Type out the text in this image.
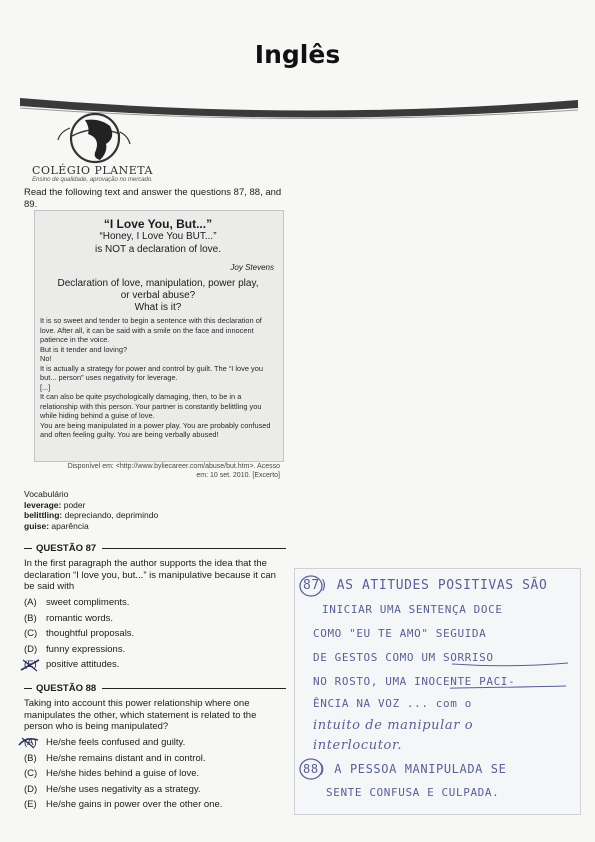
Inglês
COLÉGIO PLANETA
Ensino de qualidade, aprovação no mercado.
Read the following text and answer the questions 87, 88, and 89.
“I Love You, But...”
“Honey, I Love You BUT...”
is NOT a declaration of love.
Joy Stevens
Declaration of love, manipulation, power play,
or verbal abuse?
What is it?

It is so sweet and tender to begin a sentence with this declaration of love. After all, it can be said with a smile on the face and innocent patience in the voice.

But is it tender and loving?

No!

It is actually a strategy for power and control by guilt. The “I love you but... person” uses negativity for leverage.

[...]

It can also be quite psychologically damaging, then, to be in a relationship with this person. Your partner is constantly belittling you while hiding behind a guise of love.

You are being manipulated in a power play. You are probably confused and often feeling guilty. You are being verbally abused!

Disponível em: <http://www.byliecareer.com/abuse/but.htm>. Acesso
em: 10 set. 2010. [Excerto]
Vocabulário
leverage: poder
belittling: depreciando, deprimindo
guise: aparência
QUESTÃO 87
In the first paragraph the author supports the idea that the declaration “I love you, but...” is manipulative because it can be said with
(A) sweet compliments.
(B) romantic words.
(C) thoughtful proposals.
(D) funny expressions.
(E) positive attitudes.
QUESTÃO 88
Taking into account this power relationship where one manipulates the other, which statement is related to the person who is being manipulated?
(A) He/she feels confused and guilty.
(B) He/she remains distant and in control.
(C) He/she hides behind a guise of love.
(D) He/she uses negativity as a strategy.
(E) He/she gains in power over the other one.
87) AS ATITUDES POSITIVAS SÃO
INICIAR UMA SENTENÇA DOCE
COMO "EU TE AMO" SEGUIDA
DE GESTOS COMO UM SORRISO
NO ROSTO, UMA INOCENTE PACI-
ÊNCIA NA VOZ ... com o
intuito de manipular o
interlocutor.
88) A PESSOA MANIPULADA SE
SENTE CONFUSA E CULPADA.
